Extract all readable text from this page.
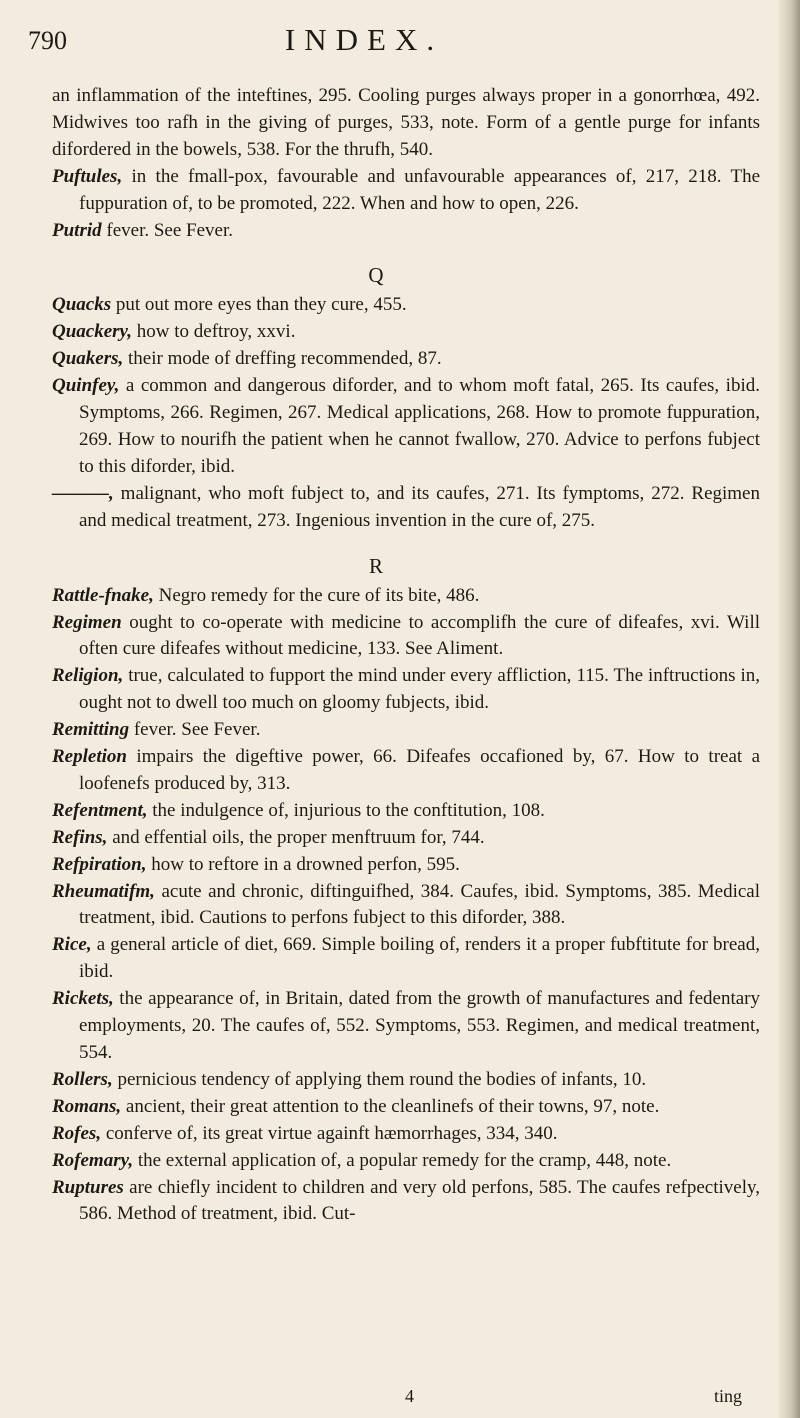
790	INDEX.

an inflammation of the inteftines, 295. Cooling purges always proper in a gonorrhœa, 492. Midwives too rafh in the giving of purges, 533, note. Form of a gentle purge for infants difordered in the bowels, 538. For the thrufh, 540.

Puftules, in the fmall-pox, favourable and unfavourable appearances of, 217, 218. The fuppuration of, to be promoted, 222. When and how to open, 226.

Putrid fever. See Fever.

Q

Quacks put out more eyes than they cure, 455.

Quackery, how to deftroy, xxvi.

Quakers, their mode of dreffing recommended, 87.

Quinfey, a common and dangerous diforder, and to whom moft fatal, 265. Its caufes, ibid. Symptoms, 266. Regimen, 267. Medical applications, 268. How to promote fuppuration, 269. How to nourifh the patient when he cannot fwallow, 270. Advice to perfons fubject to this diforder, ibid.

———, malignant, who moft fubject to, and its caufes, 271. Its fymptoms, 272. Regimen and medical treatment, 273. Ingenious invention in the cure of, 275.

R

Rattle-fnake, Negro remedy for the cure of its bite, 486.

Regimen ought to co-operate with medicine to accomplifh the cure of difeafes, xvi. Will often cure difeafes without medicine, 133. See Aliment.

Religion, true, calculated to fupport the mind under every affliction, 115. The inftructions in, ought not to dwell too much on gloomy fubjects, ibid.

Remitting fever. See Fever.

Repletion impairs the digeftive power, 66. Difeafes occafioned by, 67. How to treat a loofenefs produced by, 313.

Refentment, the indulgence of, injurious to the conftitution, 108.

Refins, and effential oils, the proper menftruum for, 744.

Refpiration, how to reftore in a drowned perfon, 595.

Rheumatifm, acute and chronic, diftinguifhed, 384. Caufes, ibid. Symptoms, 385. Medical treatment, ibid. Cautions to perfons fubject to this diforder, 388.

Rice, a general article of diet, 669. Simple boiling of, renders it a proper fubftitute for bread, ibid.

Rickets, the appearance of, in Britain, dated from the growth of manufactures and fedentary employments, 20. The caufes of, 552. Symptoms, 553. Regimen, and medical treatment, 554.

Rollers, pernicious tendency of applying them round the bodies of infants, 10.

Romans, ancient, their great attention to the cleanlinefs of their towns, 97, note.

Rofes, conferve of, its great virtue againft hæmorrhages, 334, 340.

Rofemary, the external application of, a popular remedy for the cramp, 448, note.

Ruptures are chiefly incident to children and very old perfons, 585. The caufes refpectively, 586. Method of treatment, ibid. Cut-

4	ting
